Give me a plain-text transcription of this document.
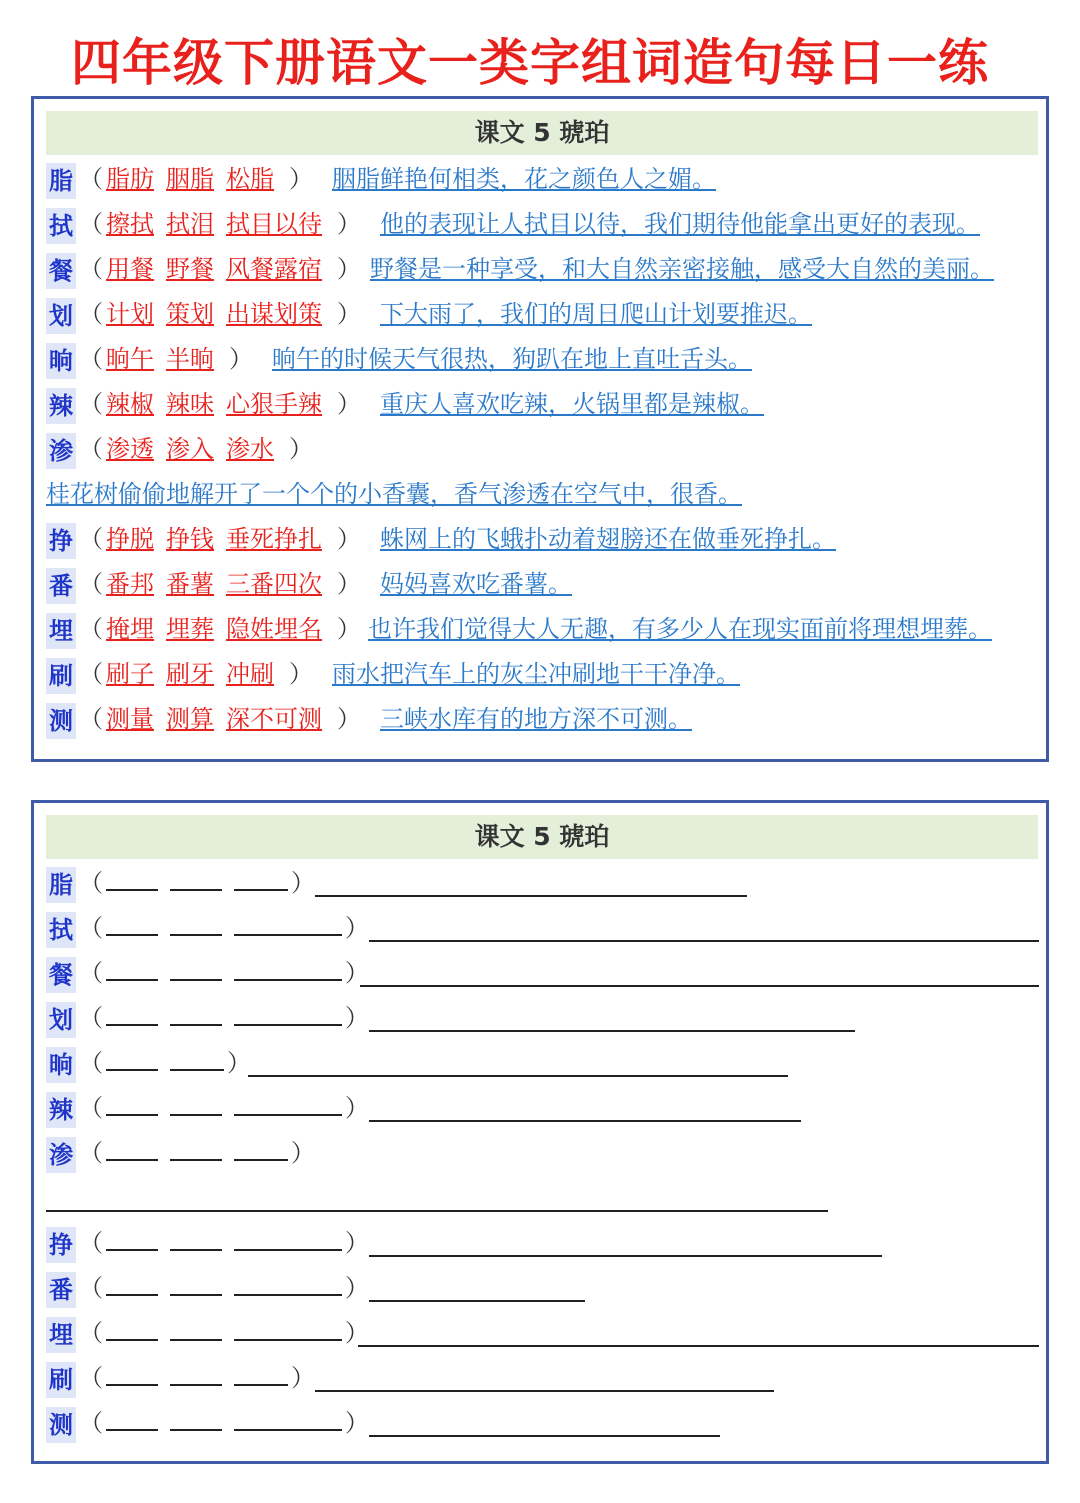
四年级下册语文一类字组词造句每日一练
课文 5 琥珀
脂 （ 脂肪 胭脂 松脂 ） 胭脂鲜艳何相类，花之颜色人之媚。
拭 （ 擦拭 拭泪 拭目以待 ） 他的表现让人拭目以待，我们期待他能拿出更好的表现。
餐 （ 用餐 野餐 风餐露宿 ） 野餐是一种享受，和大自然亲密接触，感受大自然的美丽。
划 （ 计划 策划 出谋划策 ） 下大雨了，我们的周日爬山计划要推迟。
晌 （ 晌午 半晌 ） 晌午的时候天气很热，狗趴在地上直吐舌头。
辣 （ 辣椒 辣味 心狠手辣 ） 重庆人喜欢吃辣，火锅里都是辣椒。
渗 （ 渗透 渗入 渗水 ）
桂花树偷偷地解开了一个个的小香囊，香气渗透在空气中，很香。
挣 （ 挣脱 挣钱 垂死挣扎 ） 蛛网上的飞蛾扑动着翅膀还在做垂死挣扎。
番 （ 番邦 番薯 三番四次 ） 妈妈喜欢吃番薯。
埋 （ 掩埋 埋葬 隐姓埋名 ） 也许我们觉得大人无趣，有多少人在现实面前将理想埋葬。
刷 （ 刷子 刷牙 冲刷 ） 雨水把汽车上的灰尘冲刷地干干净净。
测 （ 测量 测算 深不可测 ） 三峡水库有的地方深不可测。
课文 5 琥珀
脂 （	）
拭 （	）
餐 （	）
划 （	）
晌 （	）
辣 （	）
渗 （	）
挣 （	）
番 （	）
埋 （	）
刷 （	）
测 （	）
